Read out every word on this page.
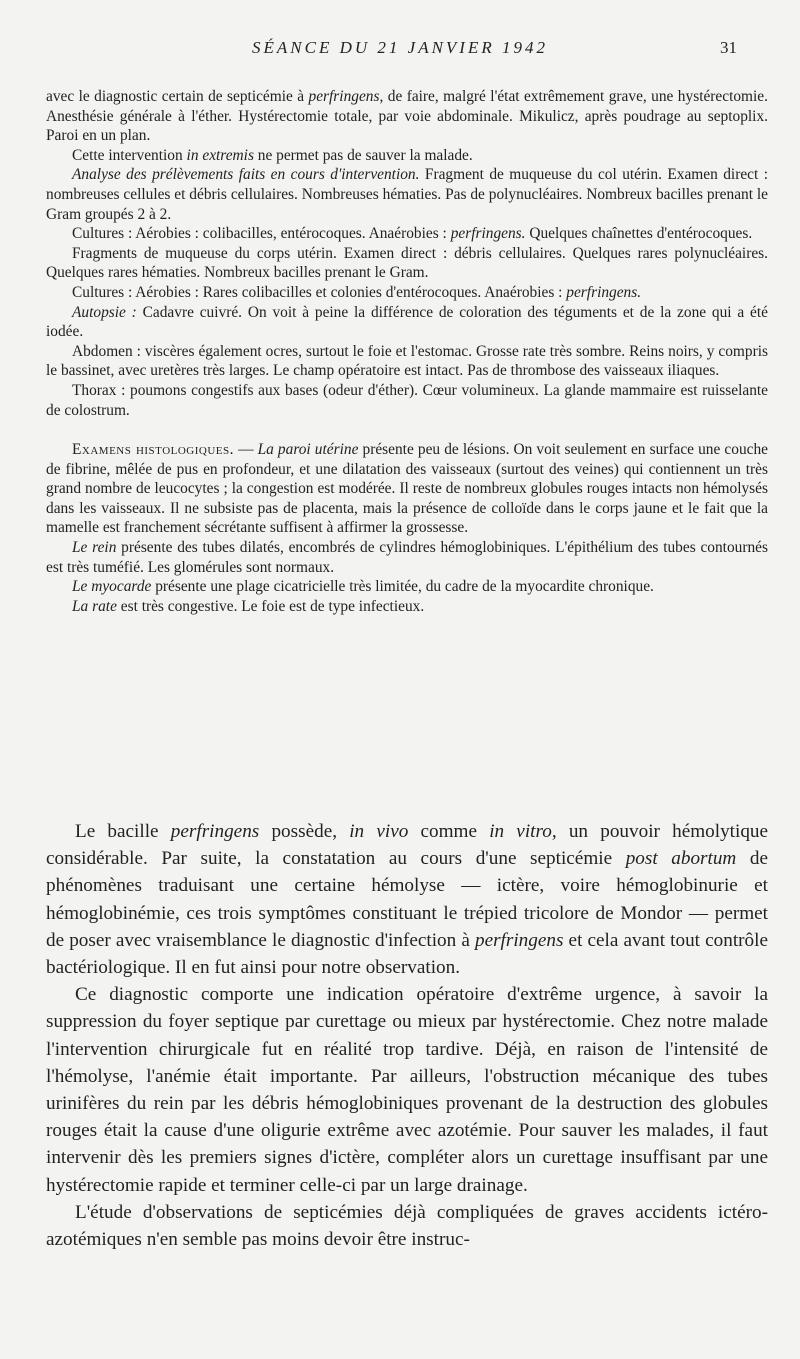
SÉANCE DU 21 JANVIER 1942	31

avec le diagnostic certain de septicémie à perfringens, de faire, malgré l'état extrêmement grave, une hystérectomie. Anesthésie générale à l'éther. Hystérectomie totale, par voie abdominale. Mikulicz, après poudrage au septoplix. Paroi en un plan.

Cette intervention in extremis ne permet pas de sauver la malade.

Analyse des prélèvements faits en cours d'intervention. Fragment de muqueuse du col utérin. Examen direct : nombreuses cellules et débris cellulaires. Nombreuses hématies. Pas de polynucléaires. Nombreux bacilles prenant le Gram groupés 2 à 2.

Cultures : Aérobies : colibacilles, entérocoques. Anaérobies : perfringens. Quelques chaînettes d'entérocoques.

Fragments de muqueuse du corps utérin. Examen direct : débris cellulaires. Quelques rares polynucléaires. Quelques rares hématies. Nombreux bacilles prenant le Gram.

Cultures : Aérobies : Rares colibacilles et colonies d'entérocoques. Anaérobies : perfringens.

Autopsie : Cadavre cuivré. On voit à peine la différence de coloration des téguments et de la zone qui a été iodée.

Abdomen : viscères également ocres, surtout le foie et l'estomac. Grosse rate très sombre. Reins noirs, y compris le bassinet, avec uretères très larges. Le champ opératoire est intact. Pas de thrombose des vaisseaux iliaques.

Thorax : poumons congestifs aux bases (odeur d'éther). Cœur volumineux. La glande mammaire est ruisselante de colostrum.

Examens histologiques. — La paroi utérine présente peu de lésions. On voit seulement en surface une couche de fibrine, mêlée de pus en profondeur, et une dilatation des vaisseaux (surtout des veines) qui contiennent un très grand nombre de leucocytes ; la congestion est modérée. Il reste de nombreux globules rouges intacts non hémolysés dans les vaisseaux. Il ne subsiste pas de placenta, mais la présence de colloïde dans le corps jaune et le fait que la mamelle est franchement sécrétante suffisent à affirmer la grossesse.

Le rein présente des tubes dilatés, encombrés de cylindres hémoglobiniques. L'épithélium des tubes contournés est très tuméfié. Les glomérules sont normaux.

Le myocarde présente une plage cicatricielle très limitée, du cadre de la myocardite chronique.

La rate est très congestive. Le foie est de type infectieux.

Le bacille perfringens possède, in vivo comme in vitro, un pouvoir hémolytique considérable. Par suite, la constatation au cours d'une septicémie post abortum de phénomènes traduisant une certaine hémolyse — ictère, voire hémoglobinurie et hémoglobinémie, ces trois symptômes constituant le trépied tricolore de Mondor — permet de poser avec vraisemblance le diagnostic d'infection à perfringens et cela avant tout contrôle bactériologique. Il en fut ainsi pour notre observation.

Ce diagnostic comporte une indication opératoire d'extrême urgence, à savoir la suppression du foyer septique par curettage ou mieux par hystérectomie. Chez notre malade l'intervention chirurgicale fut en réalité trop tardive. Déjà, en raison de l'intensité de l'hémolyse, l'anémie était importante. Par ailleurs, l'obstruction mécanique des tubes urinifères du rein par les débris hémoglobiniques provenant de la destruction des globules rouges était la cause d'une oligurie extrême avec azotémie. Pour sauver les malades, il faut intervenir dès les premiers signes d'ictère, compléter alors un curettage insuffisant par une hystérectomie rapide et terminer celle-ci par un large drainage.

L'étude d'observations de septicémies déjà compliquées de graves accidents ictéro-azotémiques n'en semble pas moins devoir être instruc-
